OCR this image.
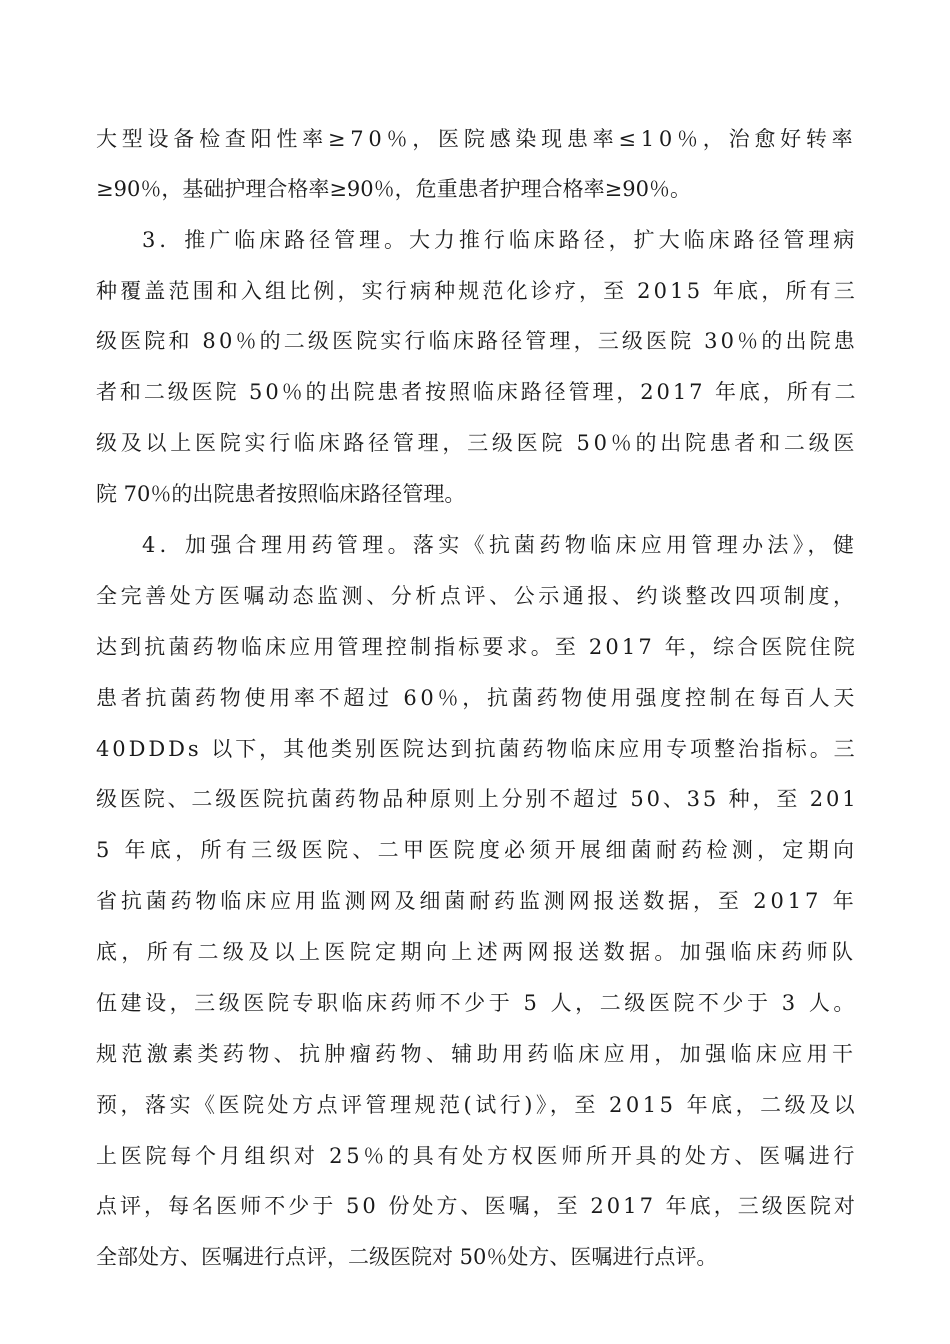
大型设备检查阳性率≥70％，医院感染现患率≤10％，治愈好转率
≥90％，基础护理合格率≥90％，危重患者护理合格率≥90％。
3．推广临床路径管理。大力推行临床路径，扩大临床路径管理病
种覆盖范围和入组比例，实行病种规范化诊疗，至 2015 年底，所有三
级医院和 80％的二级医院实行临床路径管理，三级医院 30％的出院患
者和二级医院 50％的出院患者按照临床路径管理，2017 年底，所有二
级及以上医院实行临床路径管理，三级医院 50％的出院患者和二级医
院 70％的出院患者按照临床路径管理。
4．加强合理用药管理。落实《抗菌药物临床应用管理办法》，健
全完善处方医嘱动态监测、分析点评、公示通报、约谈整改四项制度，
达到抗菌药物临床应用管理控制指标要求。至 2017 年，综合医院住院
患者抗菌药物使用率不超过 60％，抗菌药物使用强度控制在每百人天
40DDDs 以下，其他类别医院达到抗菌药物临床应用专项整治指标。三
级医院、二级医院抗菌药物品种原则上分别不超过 50、35 种，至 201
5 年底，所有三级医院、二甲医院度必须开展细菌耐药检测，定期向
省抗菌药物临床应用监测网及细菌耐药监测网报送数据，至 2017 年
底，所有二级及以上医院定期向上述两网报送数据。加强临床药师队
伍建设，三级医院专职临床药师不少于 5 人，二级医院不少于 3 人。
规范激素类药物、抗肿瘤药物、辅助用药临床应用，加强临床应用干
预，落实《医院处方点评管理规范(试行)》，至 2015 年底，二级及以
上医院每个月组织对 25％的具有处方权医师所开具的处方、医嘱进行
点评，每名医师不少于 50 份处方、医嘱，至 2017 年底，三级医院对
全部处方、医嘱进行点评，二级医院对 50％处方、医嘱进行点评。
